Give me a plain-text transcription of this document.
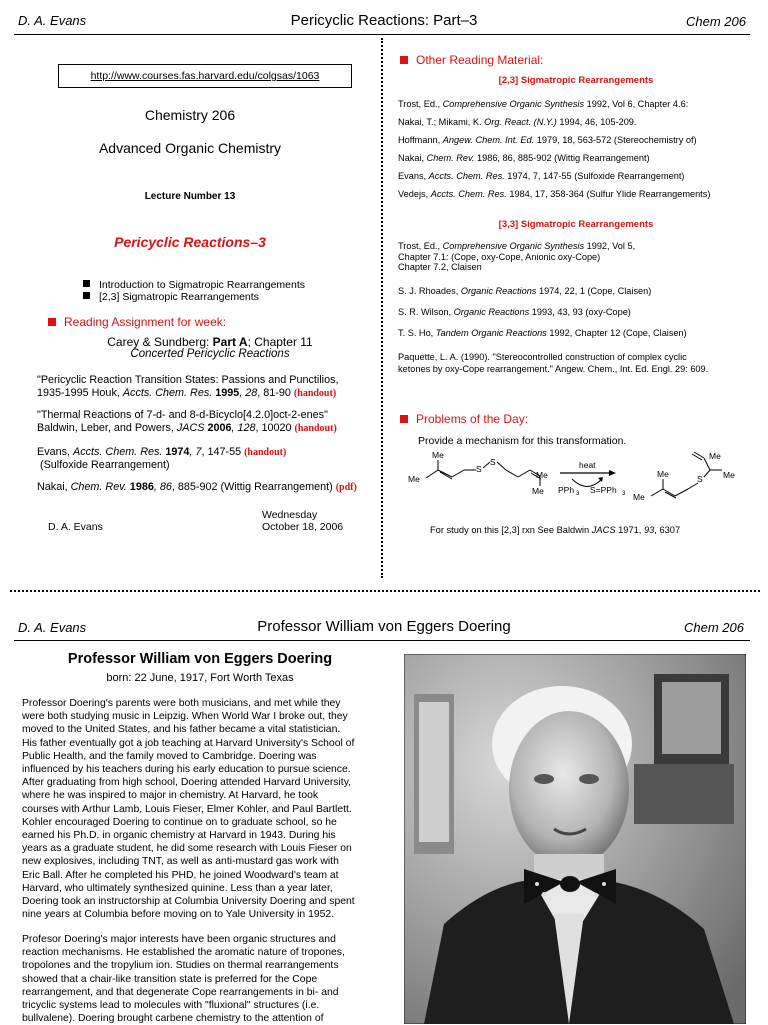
D. A. Evans	Pericyclic Reactions: Part–3	Chem 206
http://www.courses.fas.harvard.edu/colgsas/1063
Chemistry 206
Advanced Organic Chemistry
Lecture Number 13
Pericyclic Reactions–3
Introduction to Sigmatropic Rearrangements
[2,3] Sigmatropic Rearrangements
Reading Assignment for week:
Carey & Sundberg: Part A; Chapter 11
Concerted Pericyclic Reactions
"Pericyclic Reaction Transition States: Passions and Punctilios,
1935-1995 Houk, Accts. Chem. Res. 1995, 28, 81-90 (handout)
"Thermal Reactions of 7-d- and 8-d-Bicyclo[4.2.0]oct-2-enes"
Baldwin, Leber, and Powers, JACS 2006, 128, 10020 (handout)
Evans, Accts. Chem. Res. 1974, 7, 147-55 (handout)
(Sulfoxide Rearrangement)
Nakai, Chem. Rev. 1986, 86, 885-902 (Wittig Rearrangement) (pdf)
Wednesday
D. A. Evans	October 18, 2006
Other Reading Material:
[2,3] Sigmatropic Rearrangements
Trost, Ed., Comprehensive Organic Synthesis 1992, Vol 6, Chapter 4.6:
Nakai, T.; Mikami, K. Org. React. (N.Y.) 1994, 46, 105-209.
Hoffmann, Angew. Chem. Int. Ed. 1979, 18, 563-572 (Stereochemistry of)
Nakai, Chem. Rev. 1986, 86, 885-902 (Wittig Rearrangement)
Evans, Accts. Chem. Res. 1974, 7, 147-55 (Sulfoxide Rearrangement)
Vedejs, Accts. Chem. Res. 1984, 17, 358-364 (Sulfur Ylide Rearrangements)
[3,3] Sigmatropic Rearrangements
Trost, Ed., Comprehensive Organic Synthesis 1992, Vol 5,
Chapter 7.1: (Cope, oxy-Cope, Anionic oxy-Cope)
Chapter 7.2, Claisen
S. J. Rhoades, Organic Reactions 1974, 22, 1 (Cope, Claisen)
S. R. Wilson, Organic Reactions 1993, 43, 93 (oxy-Cope)
T. S. Ho, Tandem Organic Reactions 1992, Chapter 12 (Cope, Claisen)
Paquette, L. A. (1990). "Stereocontrolled construction of complex cyclic
ketones by oxy-Cope rearrangement." Angew. Chem., Int. Ed. Engl. 29: 609.
Problems of the Day:
Provide a mechanism for this transformation.
Me
Me
S
S
Me
Me
heat
PPh 3 S=PPh 3
Me
Me
S
Me
Me
For study on this [2,3] rxn See Baldwin JACS 1971, 93, 6307
D. A. Evans	Professor William von Eggers Doering	Chem 206
Professor William von Eggers Doering
born: 22 June, 1917, Fort Worth Texas
Professor Doering's parents were both musicians, and met while they
were both studying music in Leipzig. When World War I broke out, they
moved to the United States, and his father became a vital statistician.
His father eventually got a job teaching at Harvard University's School of
Public Health, and the family moved to Cambridge. Doering was
influenced by his teachers during his early education to pursue science.
After graduating from high school, Doering attended Harvard University,
where he was inspired to major in chemistry. At Harvard, he took
courses with Arthur Lamb, Louis Fieser, Elmer Kohler, and Paul Bartlett.
Kohler encouraged Doering to continue on to graduate school, so he
earned his Ph.D. in organic chemistry at Harvard in 1943. During his
years as a graduate student, he did some research with Louis Fieser on
new explosives, including TNT, as well as anti-mustard gas work with
Eric Ball. After he completed his PHD, he joined Woodward's team at
Harvard, who ultimately synthesized quinine. Less than a year later,
Doering took an instructorship at Columbia University Doering and spent
nine years at Columbia before moving on to Yale University in 1952.
Profesor Doering's major interests have been organic structures and
reaction mechanisms. He established the aromatic nature of tropones,
tropolones and the tropylium ion. Studies on thermal rearrangements
showed that a chair-like transition state is preferred for the Cope
rearrangement, and that degenerate Cope rearrangements in bi- and
tricyclic systems lead to molecules with "fluxional" structures (i.e.
bullvalene). Doering brought carbene chemistry to the attention of
